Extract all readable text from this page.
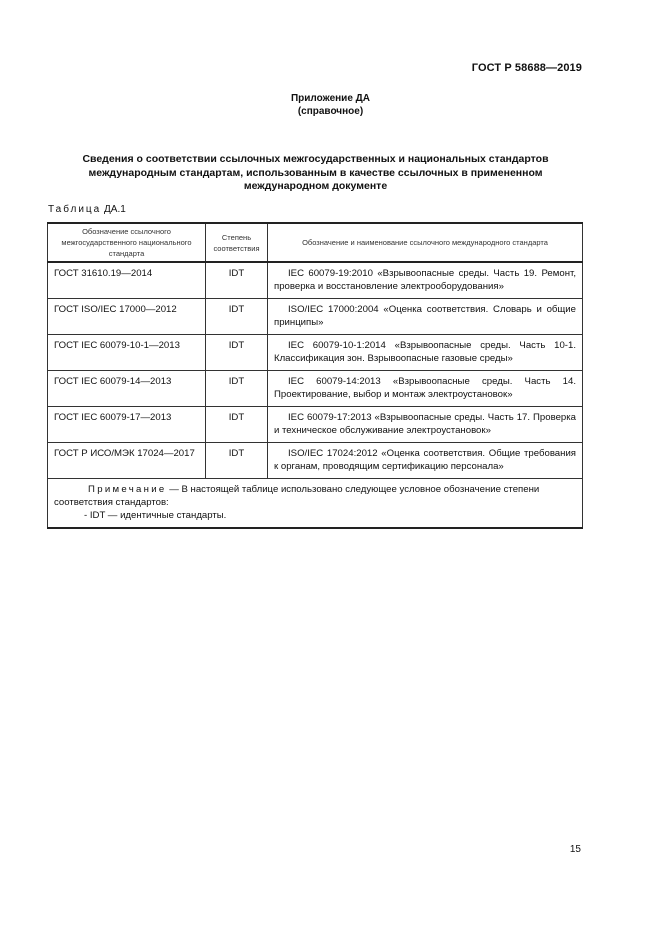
ГОСТ Р 58688—2019
Приложение ДА
(справочное)
Сведения о соответствии ссылочных межгосударственных и национальных стандартов
международным стандартам, использованным в качестве ссылочных в примененном
международном документе
Таблица ДА.1
Обозначение ссылочного межгосударственного национального стандарта	Степень соответствия	Обозначение и наименование ссылочного международного стандарта
ГОСТ 31610.19—2014	IDT	IEC 60079-19:2010 «Взрывоопасные среды. Часть 19. Ремонт, проверка и восстановление электрооборудования»
ГОСТ ISO/IEC 17000—2012	IDT	ISO/IEC 17000:2004 «Оценка соответствия. Словарь и общие принципы»
ГОСТ IEC 60079-10-1—2013	IDT	IEC 60079-10-1:2014 «Взрывоопасные среды. Часть 10-1. Классификация зон. Взрывоопасные газовые среды»
ГОСТ IEC 60079-14—2013	IDT	IEC 60079-14:2013 «Взрывоопасные среды. Часть 14. Проектирование, выбор и монтаж электроустановок»
ГОСТ IEC 60079-17—2013	IDT	IEC 60079-17:2013 «Взрывоопасные среды. Часть 17. Проверка и техническое обслуживание электроустановок»
ГОСТ Р ИСО/МЭК 17024—2017	IDT	ISO/IEC 17024:2012 «Оценка соответствия. Общие требования к органам, проводящим сертификацию персонала»

Примечание — В настоящей таблице использовано следующее условное обозначение степени соответствия стандартов:
- IDT — идентичные стандарты.		
15
